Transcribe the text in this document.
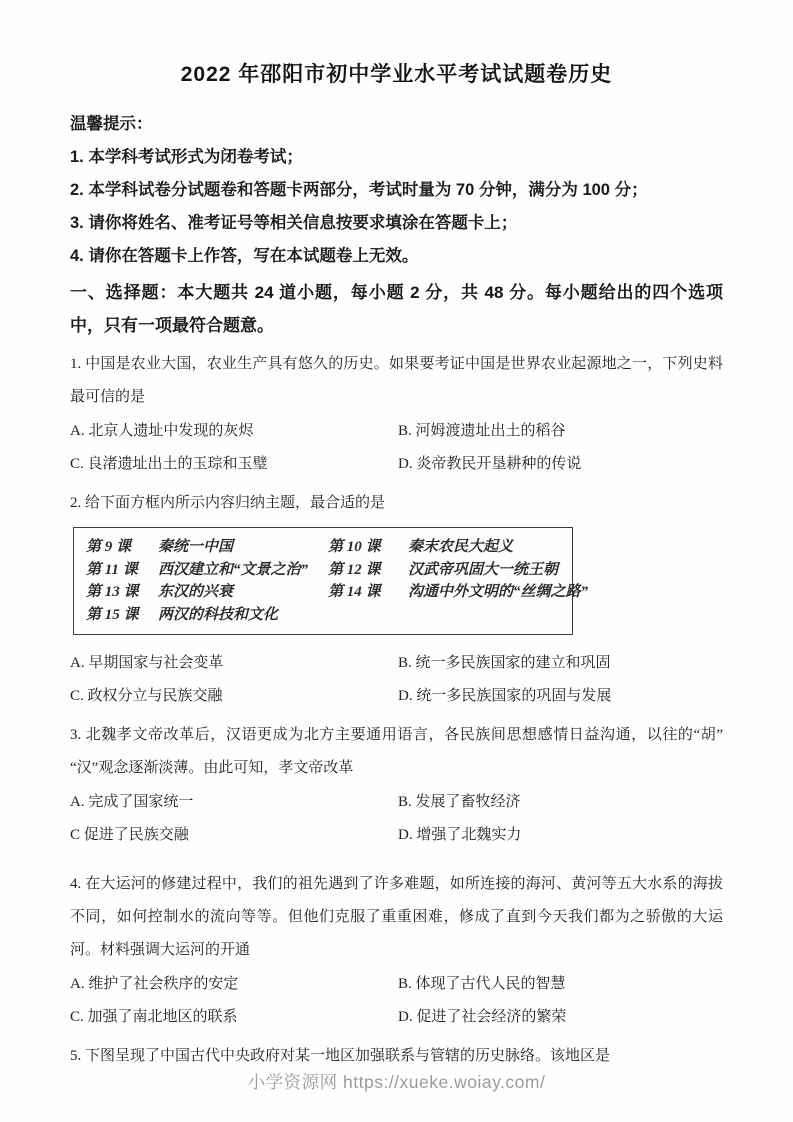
2022 年邵阳市初中学业水平考试试题卷历史

温馨提示：

1. 本学科考试形式为闭卷考试；

2. 本学科试卷分试题卷和答题卡两部分，考试时量为 70 分钟，满分为 100 分；

3. 请你将姓名、准考证号等相关信息按要求填涂在答题卡上；

4. 请你在答题卡上作答，写在本试题卷上无效。

一、选择题：本大题共 24 道小题，每小题 2 分，共 48 分。每小题给出的四个选项中，只有一项最符合题意。

1. 中国是农业大国，农业生产具有悠久的历史。如果要考证中国是世界农业起源地之一，下列史料最可信的是

A. 北京人遗址中发现的灰烬	B. 河姆渡遗址出土的稻谷
C. 良渚遗址出土的玉琮和玉璧	D. 炎帝教民开垦耕种的传说

2. 给下面方框内所示内容归纳主题，最合适的是

第 9 课	秦统一中国	第 10 课	秦末农民大起义
第 11 课	西汉建立和“文景之治”	第 12 课	汉武帝巩固大一统王朝
第 13 课	东汉的兴衰	第 14 课	沟通中外文明的“丝绸之路”
第 15 课	两汉的科技和文化
A. 早期国家与社会变革	B. 统一多民族国家的建立和巩固
C. 政权分立与民族交融	D. 统一多民族国家的巩固与发展

3. 北魏孝文帝改革后，汉语更成为北方主要通用语言，各民族间思想感情日益沟通，以往的“胡”“汉”观念逐渐淡薄。由此可知，孝文帝改革

A. 完成了国家统一	B. 发展了畜牧经济
C 促进了民族交融	D. 增强了北魏实力

4. 在大运河的修建过程中，我们的祖先遇到了许多难题，如所连接的海河、黄河等五大水系的海拔不同，如何控制水的流向等等。但他们克服了重重困难，修成了直到今天我们都为之骄傲的大运河。材料强调大运河的开通

A. 维护了社会秩序的安定	B. 体现了古代人民的智慧
C. 加强了南北地区的联系	D. 促进了社会经济的繁荣

5. 下图呈现了中国古代中央政府对某一地区加强联系与管辖的历史脉络。该地区是

小学资源网 https://xueke.woiay.com/
